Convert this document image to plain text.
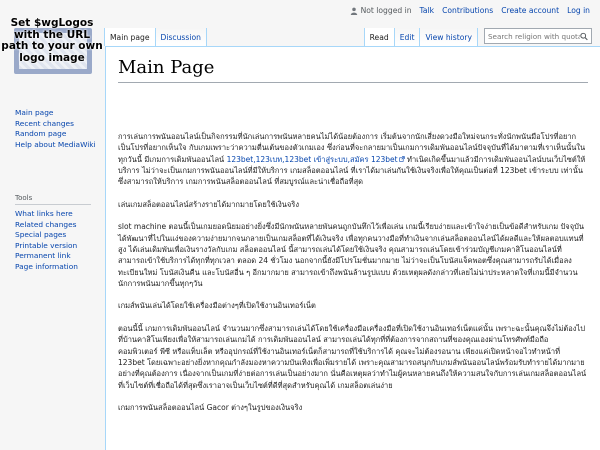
Set $wgLogos with the URL path to your own logo image
Not logged in Talk Contributions Create account Log in
Main page	Discussion	Read	Edit	View history
Search religion with quotations
Main page
Recent changes
Random page
Help about MediaWiki
Tools
What links here
Related changes
Special pages
Printable version
Permanent link
Page information
Main Page

การเล่นการพนันออนไลน์เป็นกิจกรรมที่นักเล่นการพนันหลายคนไม่ได้น้อยต้องการ เริ่มต้นจากนักเสี่ยงดวงมือใหม่จนกระทั่งนักพนันมือโปรที่อยากเป็นโปรที่อยากเห็นใจ กับเกมเพราะว่าความตื่นเต้นของตัวเกมเอง ซึ่งก่อนที่จะกลายมาเป็นเกมการเดิมพันออนไลน์ปัจจุบันที่ได้มาตามที่เราเห็นนั้นในทุกวันนี้ มีเกมการเดิมพันออนไลน์ 123bet,123เบท,123bet เข้าสู่ระบบ,สมัคร 123bet ทำเนิดเกิดขึ้นมาแล้วมีการเดิมพันออนไลน์บนเว็บไซต์ให้บริการ ไม่ว่าจะเป็นเกมการพนันออนไลน์ที่มีให้บริการ เกมสล็อตออนไลน์ ที่เราได้มาเล่นกันใช้เงินจริงเพื่อให้คุณเป็นต่อที่ 123bet เข้าระบบ เท่านั้นซึ่งสามารถให้บริการ เกมการพนันสล็อตออนไลน์ ที่สมบูรณ์และน่าเชื่อถือที่สุด

เล่นเกมสล็อตออนไลน์สร้างรายได้มากมายโดยใช้เงินจริง

slot machine ตอนนี้เป็นเกมยอดนิยมอย่างยิ่งซึ่งมีนักพนันหลายพันคนถูกบันทึกไว้เพื่อเล่น เกมนี้เรียบง่ายและเข้าใจง่ายเป็นข้อดีสำหรับเกม ปัจจุบันได้พัฒนาที่ไปในแง่ของความง่ายมากจนกลายเป็นเกมสล็อตที่ได้เงินจริง เพื่อทุกคนวางมือที่ทำเงินจากเล่นสล็อตออนไลน์ได้ผลดีและให้ผลตอบแทนที่สูง ได้เล่นเดิมพันเพื่อเงินรางวัลกับเกม สล็อตออนไลน์ นี้สามารถเล่นได้โดยใช้เงินจริง คุณสามารถเล่นโดยเข้าร่วมบัญชีเกมคาสิโนออนไลน์ที่สามารถเข้าใช้บริการได้ทุกที่ทุกเวลา ตลอด 24 ชั่วโมง นอกจากนี้ยังมีโปรโมชั่นมากมาย ไม่ว่าจะเป็นโบนัสแจ็คพอตซึ่งคุณสามารถรับได้เมื่อลงทะเบียนใหม่ โบนัสเงินคืน และโบนัสอื่น ๆ อีกมากมาย สามารถเข้าถึงพนันล้านรูปแบบ ด้วยเหตุผลดังกล่าวที่เลยไม่น่าประหลาดใจที่เกมนี้มีจำนวนนักการพนันมากขึ้นทุกๆวัน

เกมส์พนันเล่นได้โดยใช้เครื่องมือต่างๆที่เปิดใช้งานอินเทอร์เน็ต

ตอนนี้นี้ เกมการเดิมพันออนไลน์ จำนวนมากซึ่งสามารถเล่นได้โดยใช้เครื่องมือเครื่องมือที่เปิดใช้งานอินเทอร์เน็ตแค่นั้น เพราะฉะนั้นคุณจึงไม่ต้องไปที่บ้านคาสิโนเพียงเพื่อให้สามารถเล่นเกมได้ การเดิมพันออนไลน์ สามารถเล่นได้ทุกที่ที่ต้องการจากสถานที่ของคุณเองผ่านโทรศัพท์มือถือ คอมพิวเตอร์ พีซี หรือแท็บเล็ต หรืออุปกรณ์ที่ใช้งานอินเทอร์เน็ตก็สามารถที่ใช้บริการได้ คุณจะไม่ต้องรอนาน เพียงแค่เปิดหน้าจอไวทำหน้าที่ 123bet โดยเฉพาะอย่างยิ่งหากคุณกำลังมองหาความบันเทิงเพื่อเพิ่มรายได้ เพราะคุณสามารถสนุกกับเกมส์พนันออนไลน์พร้อมรับทำรายได้มากมายอย่างที่คุณต้องการ เนื่องจากเป็นเกมที่ง่ายต่อการเล่นเป็นอย่างมาก นั่นคือเหตุผลว่าทำไมผู้คนหลายคนถึงให้ความสนใจกับการเล่นเกมสล็อตออนไลน์ที่เว็บไซต์ที่เชื่อถือได้ที่สุดซึ่งเราอาจเป็นเว็บไซต์ที่ดีที่สุดสำหรับคุณได้ เกมสล็อตเล่นง่าย

เกมการพนันสล็อตออนไลน์ Gacor ต่างๆในรูปของเงินจริง
